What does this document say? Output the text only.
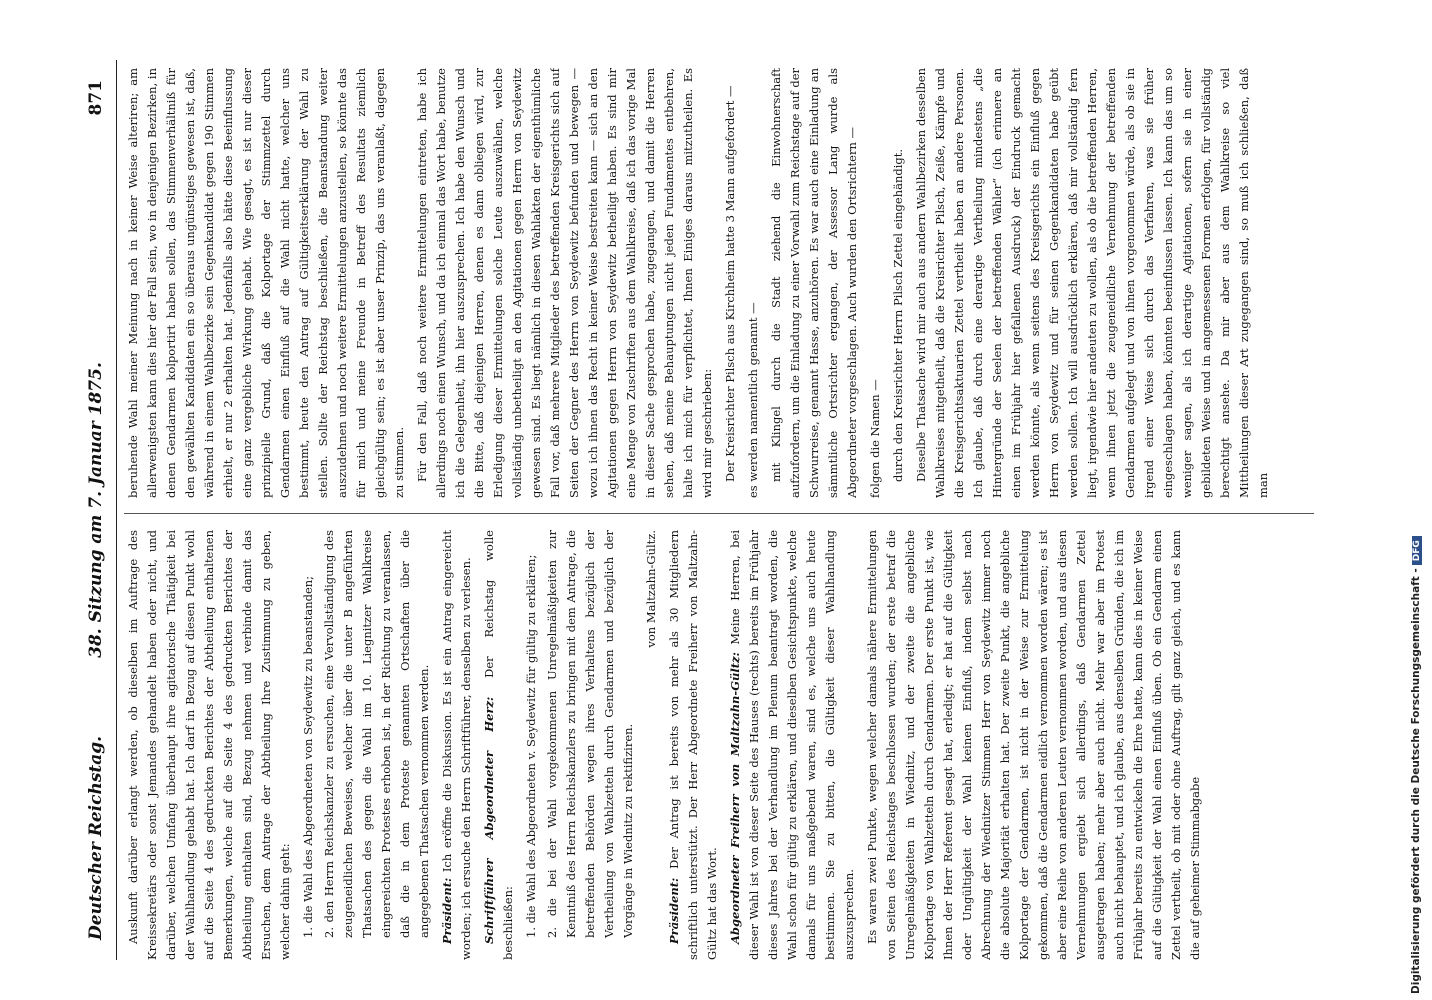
Deutscher Reichstag.
38. Sitzung am 7. Januar 1875.
871

Auskunft darüber erlangt werden, ob dieselben im Auftrage des Kreissekretärs oder sonst Jemandes gehandelt haben oder nicht, und darüber, welchen Umfang überhaupt ihre agitatorische Thätigkeit bei der Wahlhandlung gehabt hat. Ich darf in Bezug auf diesen Punkt wohl auf die Seite 4 des gedruckten Berichtes der Abtheilung enthaltenen Bemerkungen, welche auf die Seite 4 des gedruckten Berichtes der Abtheilung enthalten sind, Bezug nehmen und verbinde damit das Ersuchen, dem Antrage der Abtheilung Ihre Zustimmung zu geben, welcher dahin geht: 1. die Wahl des Abgeordneten von Seydewitz zu beanstanden; 2. den Herrn Reichskanzler zu ersuchen, eine Vervollständigung des zeugeneidlichen Beweises, welcher über die unter B angeführten Thatsachen des gegen die Wahl im 10. Liegnitzer Wahlkreise eingereichten Protestes erhoben ist, in der Richtung zu veranlassen, daß die in dem Proteste genannten Ortschaften über die angegebenen Thatsachen vernommen werden. Präsident: Ich eröffne die Diskussion. Es ist ein Antrag eingereicht worden; ich ersuche den Herrn Schriftführer, denselben zu verlesen. Schriftführer Abgeordneter Herz: Der Reichstag wolle beschließen: 1. die Wahl des Abgeordneten v. Seydewitz für gültig zu erklären; 2. die bei der Wahl vorgekommenen Unregelmäßigkeiten zur Kenntniß des Herrn Reichskanzlers zu bringen mit dem Antrage, die betreffenden Behörden wegen ihres Verhaltens bezüglich der Vertheilung von Wahlzetteln durch Gendarmen und bezüglich der Vorgänge in Wiednitz zu rektifiziren.
von Maltzahn-Gültz.

Präsident: Der Antrag ist bereits von mehr als 30 Mitgliedern schriftlich unterstützt. Der Herr Abgeordnete Freiherr von Maltzahn-Gültz hat das Wort. Abgeordneter Freiherr von Maltzahn-Gültz: Meine Herren, bei dieser Wahl ist von dieser Seite des Hauses (rechts) bereits im Frühjahr dieses Jahres bei der Verhandlung im Plenum beantragt worden, die Wahl schon für gültig zu erklären, und dieselben Gesichtspunkte, welche damals für uns maßgebend waren, sind es, welche uns auch heute bestimmen. Sie zu bitten, die Gültigkeit dieser Wahlhandlung auszusprechen. Es waren zwei Punkte, wegen welcher damals nähere Ermittelungen von Seiten des Reichstages beschlossen wurden; der erste betraf die Unregelmäßigkeiten in Wiednitz, und der zweite die angebliche Kolportage von Wahlzetteln durch Gendarmen. Der erste Punkt ist, wie Ihnen der Herr Referent gesagt hat, erledigt; er hat auf die Gültigkeit oder Ungültigkeit der Wahl keinen Einfluß, indem selbst nach Abrechnung der Wiednitzer Stimmen Herr von Seydewitz immer noch die absolute Majorität erhalten hat. Der zweite Punkt, die angebliche Kolportage der Gendarmen, ist nicht in der Weise zur Ermittelung gekommen, daß die Gendarmen eidlich vernommen worden wären; es ist aber eine Reihe von anderen Leuten vernommen worden, und aus diesen Vernehmungen ergiebt sich allerdings, daß Gendarmen Zettel ausgetragen haben; mehr aber auch nicht. Mehr war aber im Protest auch nicht behauptet, und ich glaube, aus denselben Gründen, die ich im Frühjahr bereits zu entwickeln die Ehre hatte, kann dies in keiner Weise auf die Gültigkeit der Wahl einen Einfluß üben. Ob ein Gendarm einen Zettel vertheilt, ob mit oder ohne Auftrag, gilt ganz gleich, und es kann die auf geheimer Stimmabgabe

beruhende Wahl meiner Meinung nach in keiner Weise alteriren; am allerwenigsten kann dies hier der Fall sein, wo in denjenigen Bezirken, in denen Gendarmen kolportirt haben sollen, das Stimmenverhältniß für den gewählten Kandidaten ein so überaus ungünstiges gewesen ist, daß, während in einem Wahlbezirke sein Gegenkandidat gegen 190 Stimmen erhielt, er nur 2 erhalten hat. Jedenfalls also hätte diese Beeinflussung eine ganz vergebliche Wirkung gehabt. Wie gesagt, es ist nur dieser prinzipielle Grund, daß die Kolportage der Stimmzettel durch Gendarmen einen Einfluß auf die Wahl nicht hatte, welcher uns bestimmt, heute den Antrag auf Gültigkeitserklärung der Wahl zu stellen. Sollte der Reichstag beschließen, die Beanstandung weiter auszudehnen und noch weitere Ermittelungen anzustellen, so könnte das für mich und meine Freunde in Betreff des Resultats ziemlich gleichgültig sein; es ist aber unser Prinzip, das uns veranlaßt, dagegen zu stimmen. Für den Fall, daß noch weitere Ermittelungen eintreten, habe ich allerdings noch einen Wunsch, und da ich einmal das Wort habe, benutze ich die Gelegenheit, ihn hier auszusprechen. Ich habe den Wunsch und die Bitte, daß diejenigen Herren, denen es dann obliegen wird, zur Erledigung dieser Ermittelungen solche Leute auszuwählen, welche vollständig unbetheiligt an den Agitationen gegen Herrn von Seydewitz gewesen sind. Es liegt nämlich in diesen Wahlakten der eigenthümliche Fall vor, daß mehrere Mitglieder des betreffenden Kreisgerichts sich auf Seiten der Gegner des Herrn von Seydewitz befunden und bewegen — wozu ich ihnen das Recht in keiner Weise bestreiten kann — sich an den Agitationen gegen Herrn von Seydewitz betheiligt haben. Es sind mir eine Menge von Zuschriften aus dem Wahlkreise, daß ich das vorige Mal in dieser Sache gesprochen habe, zugegangen, und damit die Herren sehen, daß meine Behauptungen nicht jeden Fundamentes entbehren, halte ich mich für verpflichtet, Ihnen Einiges daraus mitzutheilen. Es wird mir geschrieben: Der Kreisrichter Pilsch aus Kirchheim hatte 3 Mann aufgefordert — es werden namentlich genannt — mit Klingel durch die Stadt ziehend die Einwohnerschaft aufzufordern, um die Einladung zu einer Vorwahl zum Reichstage auf der Schwurreise, genannt Hasse, anzuhören. Es war auch eine Einladung an sämmtliche Ortsrichter ergangen, der Assessor Lang wurde als Abgeordneter vorgeschlagen. Auch wurden den Ortsrichtern — folgen die Namen — durch den Kreisrichter Herrn Pilsch Zettel eingehändigt. Dieselbe Thatsache wird mir auch aus andern Wahlbezirken desselben Wahlkreises mitgetheilt, daß die Kreisrichter Pilsch, Zeiße, Kämpfe und die Kreisgerichtsaktuarien Zettel vertheilt haben an andere Personen. Ich glaube, daß durch eine derartige Vertheilung mindestens „die Hintergründe der Seelen der betreffenden Wähler“ (ich erinnere an einen im Frühjahr hier gefallenen Ausdruck) der Eindruck gemacht werden könnte, als wenn seitens des Kreisgerichts ein Einfluß gegen Herrn von Seydewitz und für seinen Gegenkandidaten habe geübt werden sollen. Ich will ausdrücklich erklären, daß mir vollständig fern liegt, irgendwie hier andeuten zu wollen, als ob die betreffenden Herren, wenn ihnen jetzt die zeugeneidliche Vernehmung der betreffenden Gendarmen aufgelegt und von ihnen vorgenommen würde, als ob sie in irgend einer Weise sich durch das Verfahren, was sie früher eingeschlagen haben, könnten beeinflussen lassen. Ich kann das um so weniger sagen, als ich derartige Agitationen, sofern sie in einer gebildeten Weise und in angemessenen Formen erfolgen, für vollständig berechtigt ansehe. Da mir aber aus dem Wahlkreise so viel Mittheilungen dieser Art zugegangen sind, so muß ich schließen, daß man

Digitalisierung gefördert durch die Deutsche Forschungsgemeinschaft -DFG
